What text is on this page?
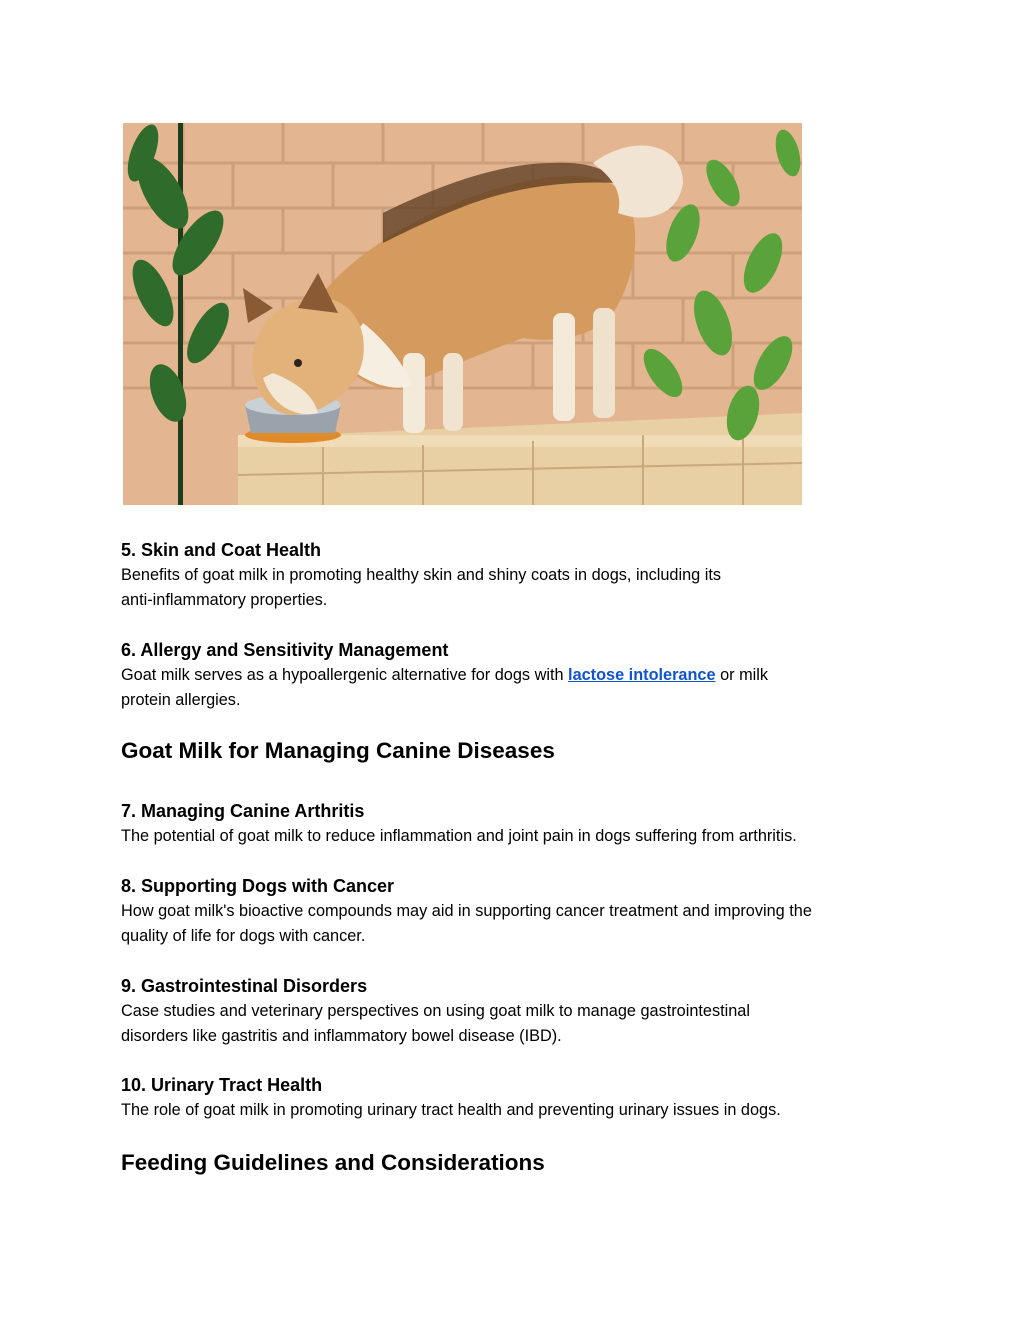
5. Skin and Coat Health

Benefits of goat milk in promoting healthy skin and shiny coats in dogs, including its

anti-inflammatory properties.

6. Allergy and Sensitivity Management

Goat milk serves as a hypoallergenic alternative for dogs with lactose intolerance or milk

protein allergies.

Goat Milk for Managing Canine Diseases
7. Managing Canine Arthritis

The potential of goat milk to reduce inflammation and joint pain in dogs suffering from arthritis.

8. Supporting Dogs with Cancer

How goat milk's bioactive compounds may aid in supporting cancer treatment and improving the

quality of life for dogs with cancer.

9. Gastrointestinal Disorders

Case studies and veterinary perspectives on using goat milk to manage gastrointestinal

disorders like gastritis and inflammatory bowel disease (IBD).

10. Urinary Tract Health

The role of goat milk in promoting urinary tract health and preventing urinary issues in dogs.

Feeding Guidelines and Considerations
